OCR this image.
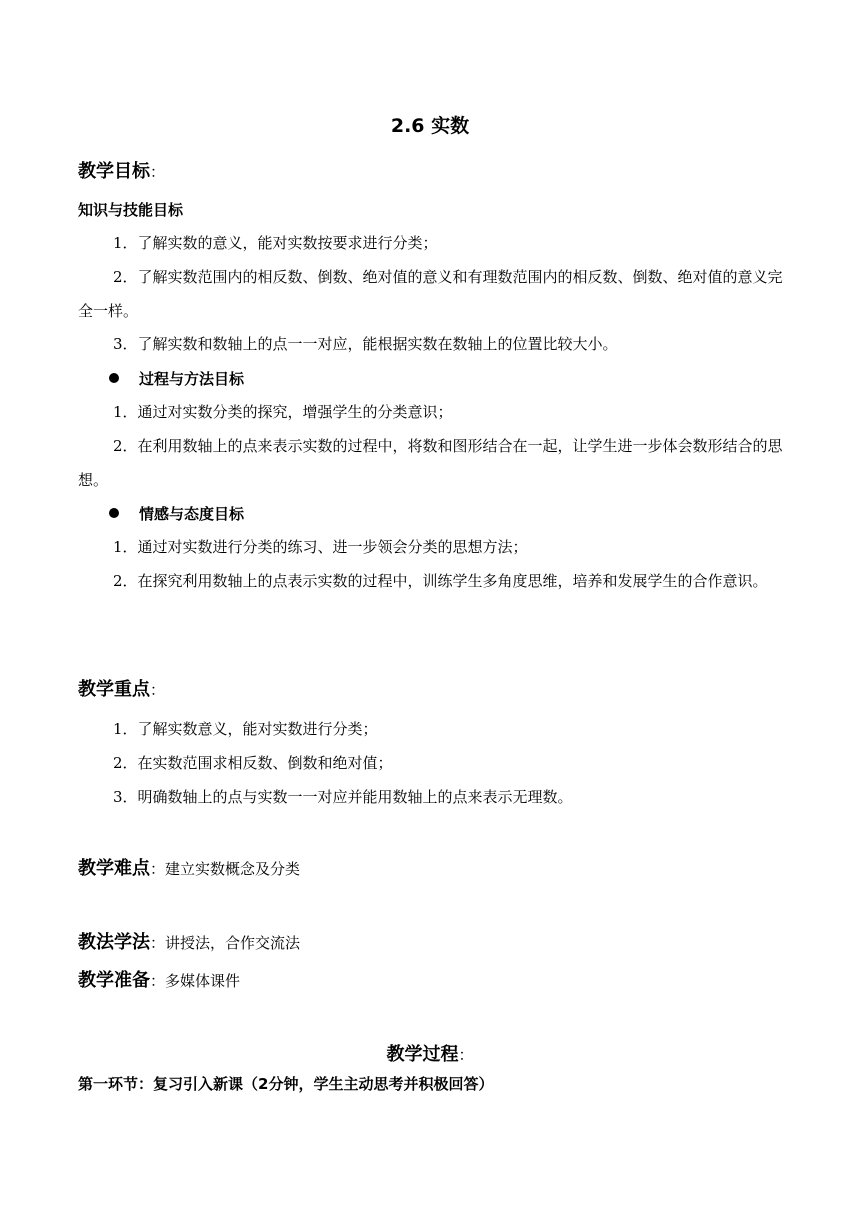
2.6 实数
教学目标：
知识与技能目标
1．了解实数的意义，能对实数按要求进行分类；
2．了解实数范围内的相反数、倒数、绝对值的意义和有理数范围内的相反数、倒数、绝对值的意义完全一样。
3．了解实数和数轴上的点一一对应，能根据实数在数轴上的位置比较大小。
过程与方法目标
1．通过对实数分类的探究，增强学生的分类意识；
2．在利用数轴上的点来表示实数的过程中，将数和图形结合在一起，让学生进一步体会数形结合的思想。
情感与态度目标
1．通过对实数进行分类的练习、进一步领会分类的思想方法；
2．在探究利用数轴上的点表示实数的过程中，训练学生多角度思维，培养和发展学生的合作意识。
教学重点：
1．了解实数意义，能对实数进行分类；
2．在实数范围求相反数、倒数和绝对值；
3．明确数轴上的点与实数一一对应并能用数轴上的点来表示无理数。
教学难点：建立实数概念及分类
教法学法：讲授法，合作交流法
教学准备：多媒体课件
教学过程：
第一环节：复习引入新课（2分钟，学生主动思考并积极回答）
